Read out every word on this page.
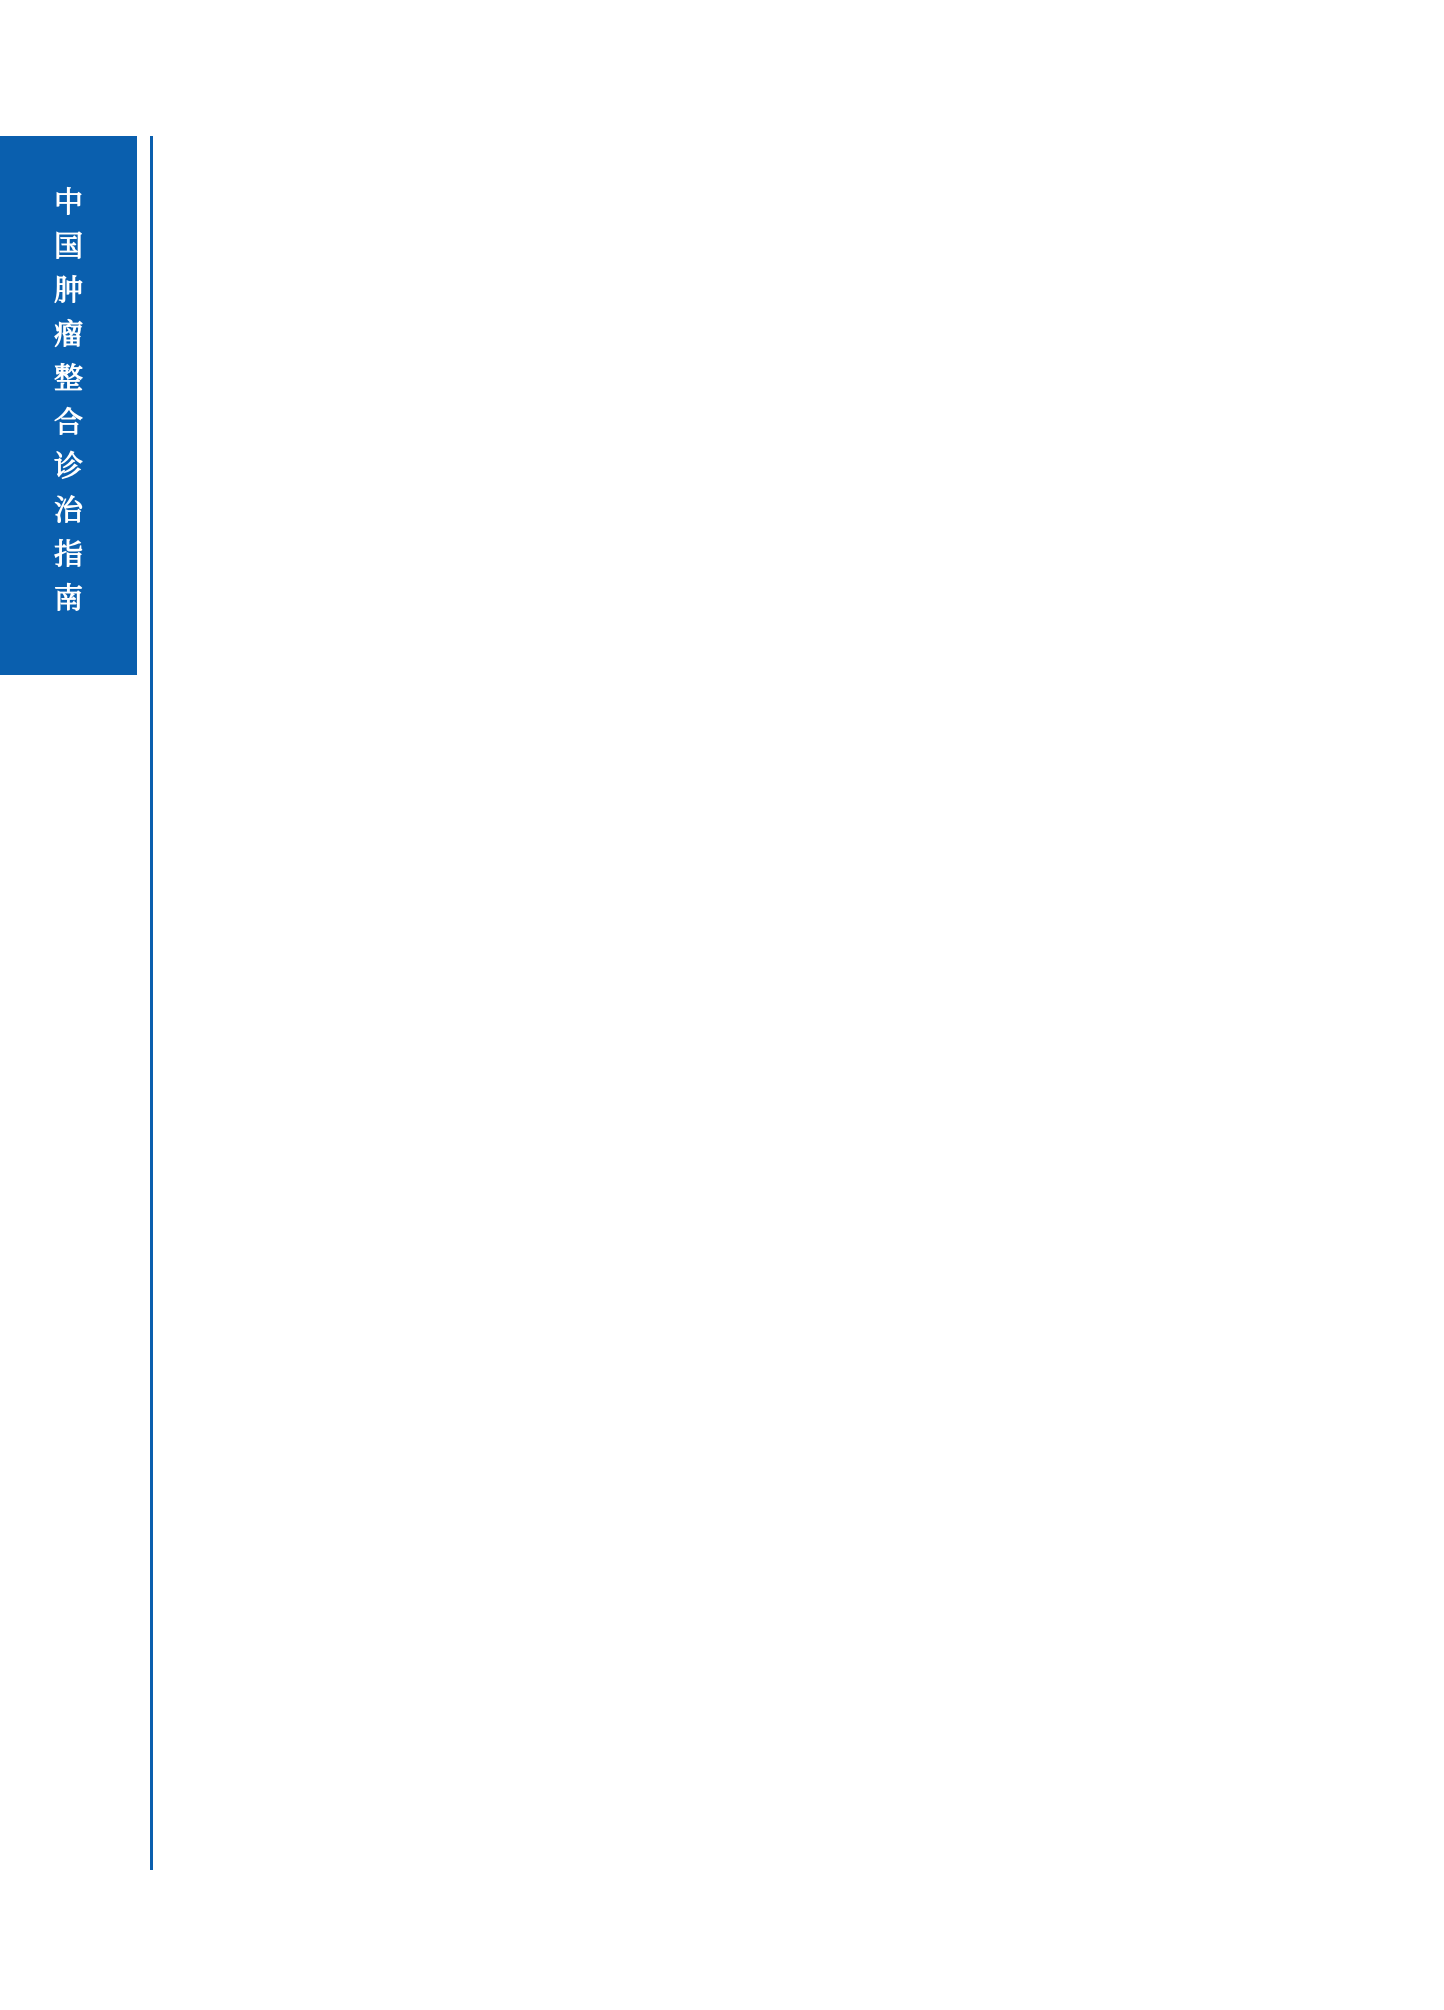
中
国
肿
瘤
整
合
诊
治
指
南
